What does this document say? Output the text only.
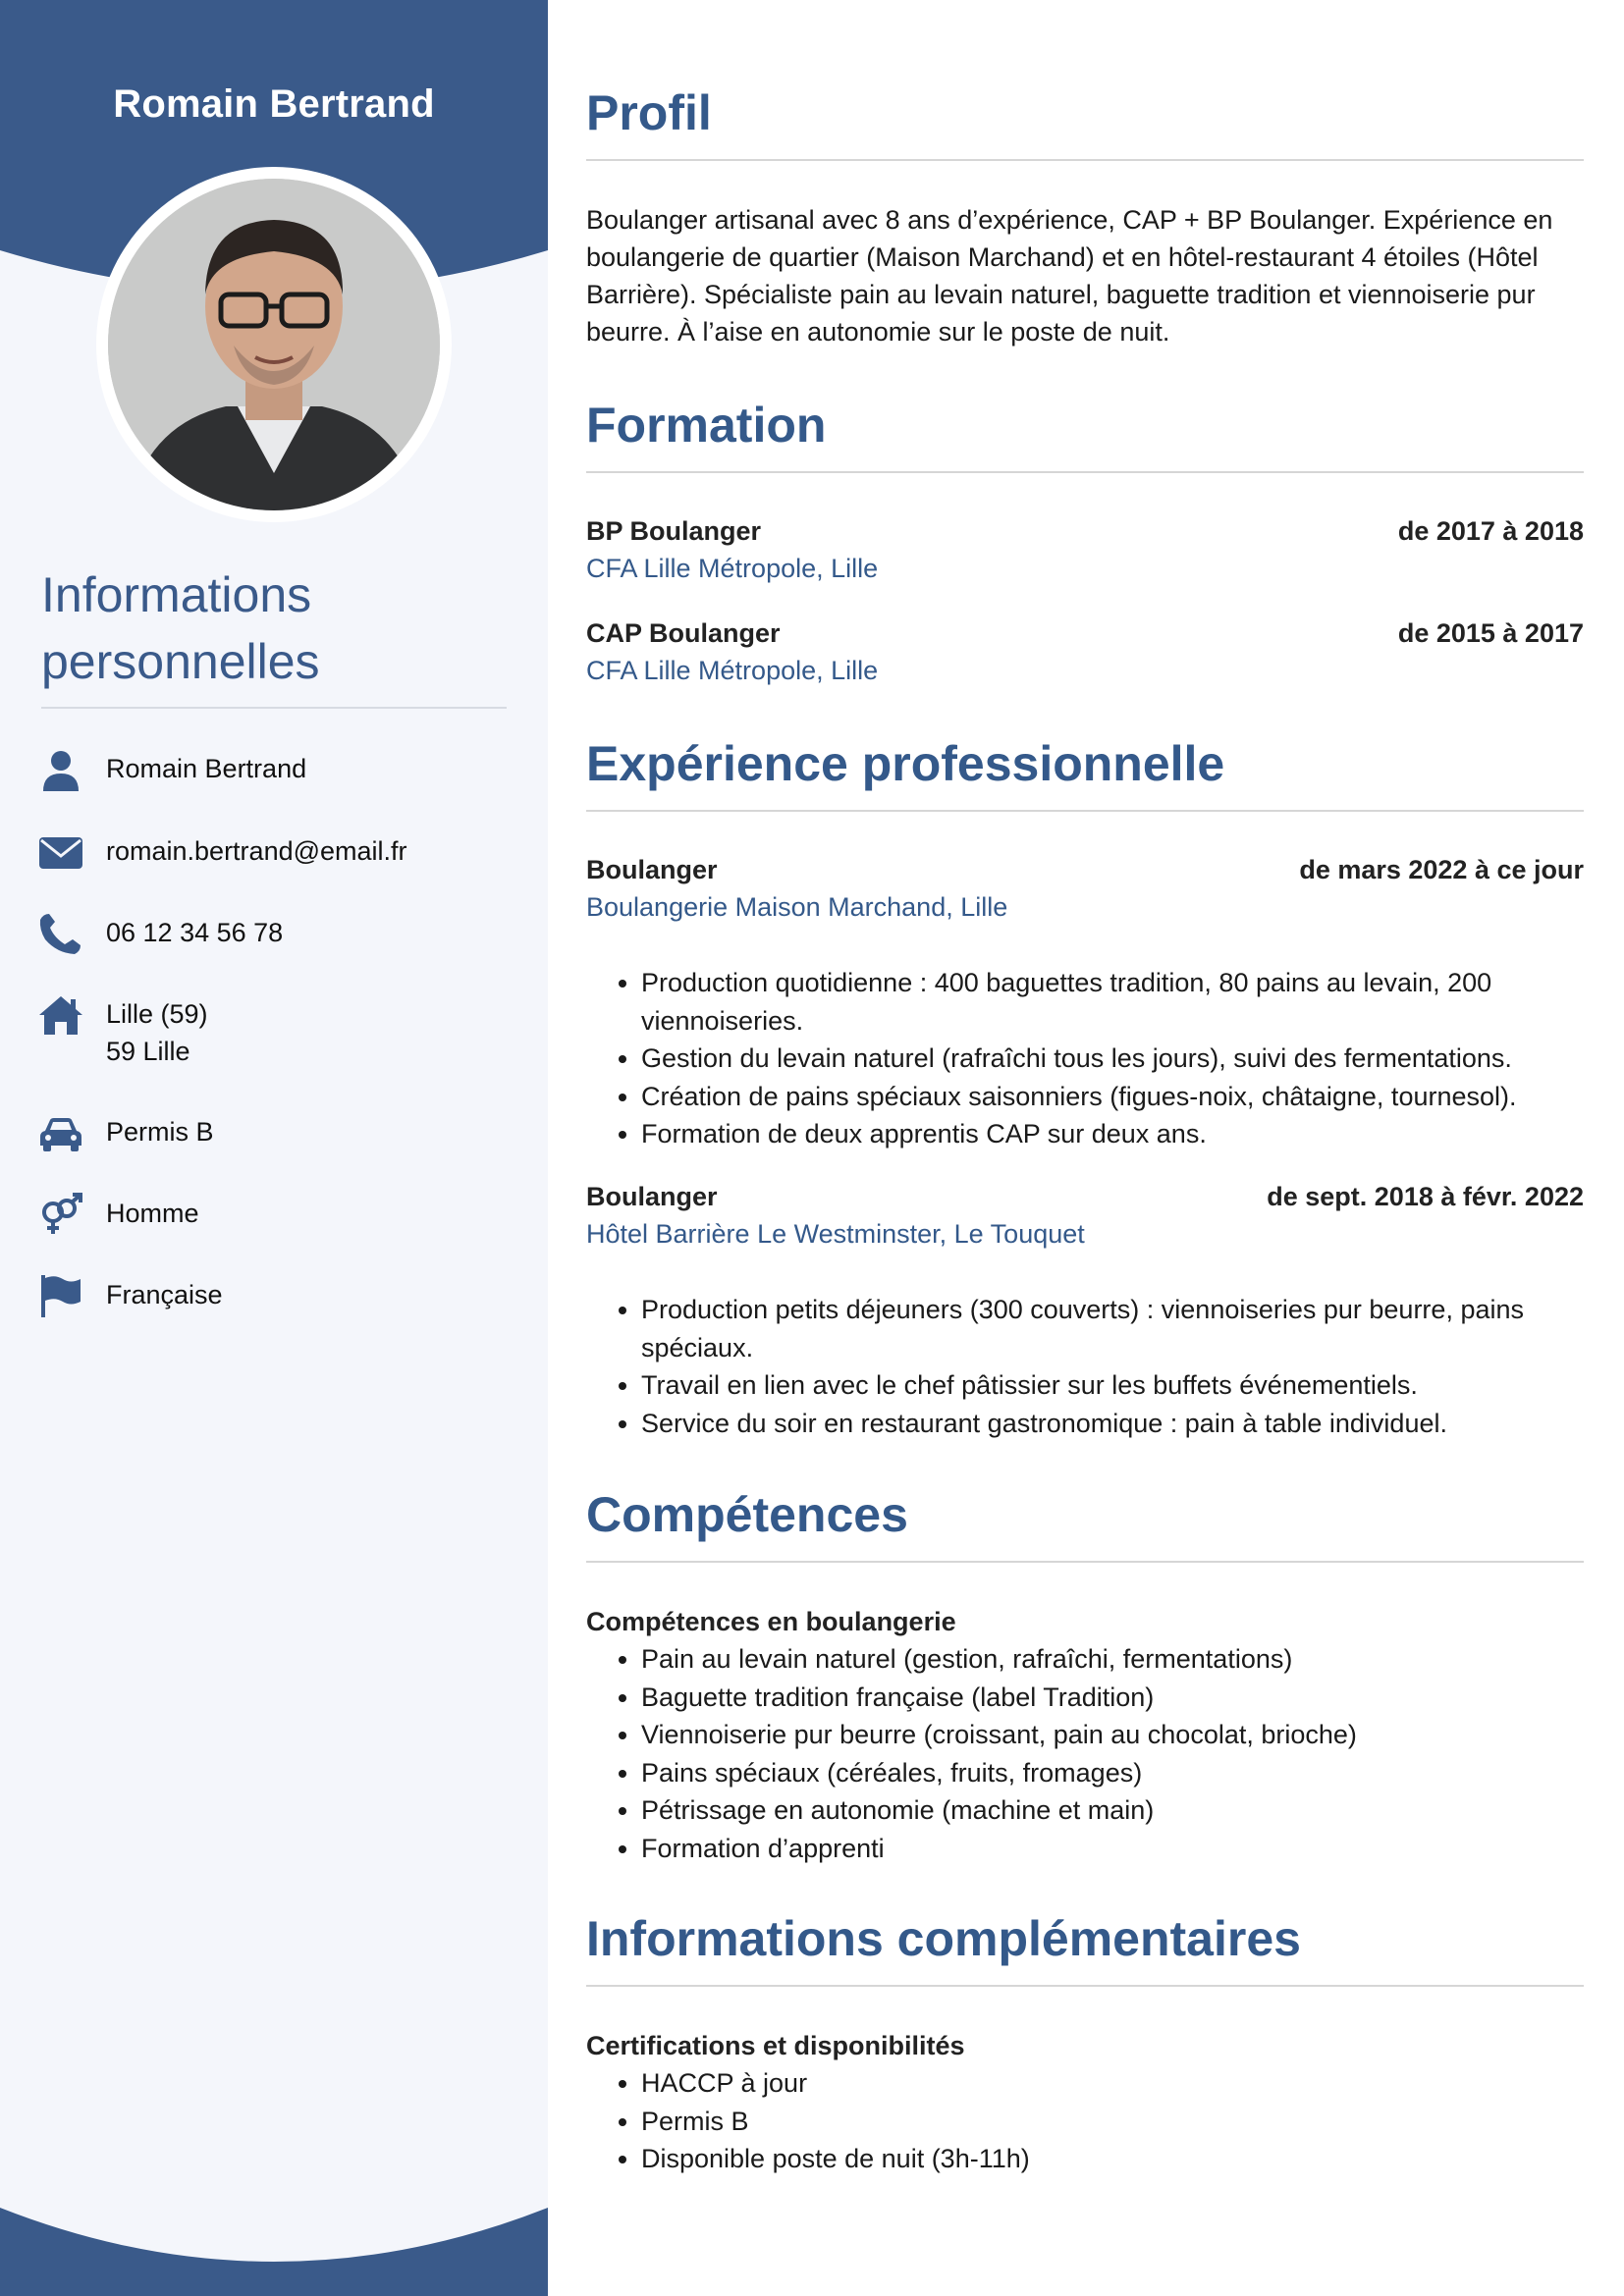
Romain Bertrand
Informations
personnelles
Romain Bertrand
romain.bertrand@email.fr
06 12 34 56 78
Lille (59)
59 Lille
Permis B
Homme
Française
Profil

Boulanger artisanal avec 8 ans d’expérience, CAP + BP Boulanger. Expérience en boulangerie de quartier (Maison Marchand) et en hôtel-restaurant 4 étoiles (Hôtel Barrière). Spécialiste pain au levain naturel, baguette tradition et viennoiserie pur beurre. À l’aise en autonomie sur le poste de nuit.

Formation
BP Boulanger	de 2017 à 2018
CFA Lille Métropole, Lille
CAP Boulanger	de 2015 à 2017
CFA Lille Métropole, Lille
Expérience professionnelle
Boulanger	de mars 2022 à ce jour
Boulangerie Maison Marchand, Lille
• Production quotidienne : 400 baguettes tradition, 80 pains au levain, 200 viennoiseries.
• Gestion du levain naturel (rafraîchi tous les jours), suivi des fermentations.
• Création de pains spéciaux saisonniers (figues-noix, châtaigne, tournesol).
• Formation de deux apprentis CAP sur deux ans.
Boulanger	de sept. 2018 à févr. 2022
Hôtel Barrière Le Westminster, Le Touquet
• Production petits déjeuners (300 couverts) : viennoiseries pur beurre, pains spéciaux.
• Travail en lien avec le chef pâtissier sur les buffets événementiels.
• Service du soir en restaurant gastronomique : pain à table individuel.
Compétences
Compétences en boulangerie
• Pain au levain naturel (gestion, rafraîchi, fermentations)
• Baguette tradition française (label Tradition)
• Viennoiserie pur beurre (croissant, pain au chocolat, brioche)
• Pains spéciaux (céréales, fruits, fromages)
• Pétrissage en autonomie (machine et main)
• Formation d’apprenti
Informations complémentaires
Certifications et disponibilités
• HACCP à jour
• Permis B
• Disponible poste de nuit (3h-11h)
